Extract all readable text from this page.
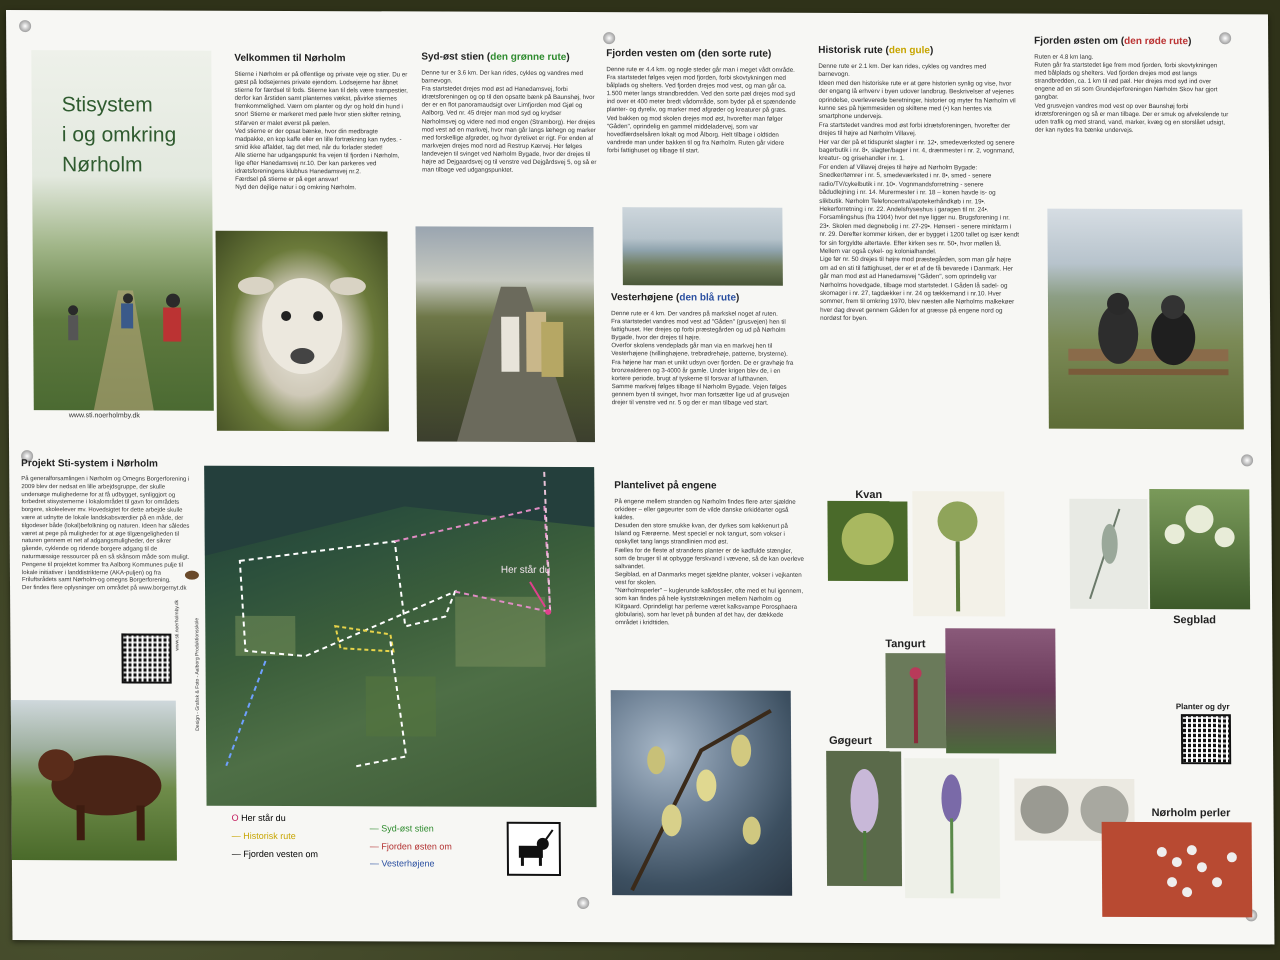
Stisystem
i og omkring
Nørholm
www.sti.noerholmby.dk
Velkommen til Nørholm
Stierne i Nørholm er på offentlige og private veje og stier. Du er gæst på lodsejernes private ejendom. Lodsejerne har åbnet stierne for færdsel til fods. Stierne kan til dels være trampestier, derfor kan årstiden samt planternes vækst, påvirke stiernes fremkommelighed. Værn om planter og dyr og hold din hund i snor! Stierne er markeret med pæle hvor stien skifter retning, stifarven er malet øverst på pælen.
Ved stierne er der opsat bænke, hvor din medbragte madpakke, en kop kaffe eller en lille fortrækning kan nydes. - smid ikke affaldet, tag det med, når du forlader stedet!
Alle stierne har udgangspunkt fra vejen til fjorden i Nørholm, lige efter Hanedamsvej nr.10. Der kan parkeres ved idrætsforeningens klubhus Hanedamsvej nr.2.
Færdsel på stierne er på eget ansvar!
Nyd den dejlige natur i og omkring Nørholm.
Syd-øst stien (den grønne rute)
Denne tur er 3.6 km. Der kan rides, cykles og vandres med barnevogn.
Fra startstedet drejes mod øst ad Hanedamsvej, forbi idrætsforeningen og op til den opsatte bænk på Baunshøj, hvor der er en flot panoramaudsigt over Limfjorden mod Gjøl og Aalborg. Ved nr. 45 drejer man mod syd og krydser Nørholmsvej og videre ned mod engen (Stramborg). Her drejes mod vest ad en markvej, hvor man går langs læhegn og marker med forskellige afgrøder, og hvor dyrelivet er rigt. For enden af markvejen drejes mod nord ad Restrup Kærvej. Her følges landevejen til svinget ved Nørholm Bygade, hvor der drejes til højre ad Dejgaardsvej og til venstre ved Dejgårdsvej 5, og så er man tilbage ved udgangspunktet.
Fjorden vesten om (den sorte rute)
Denne rute er 4.4 km. og nogle steder går man i meget vådt område. Fra startstedet følges vejen mod fjorden, forbi skovtykningen med bålplads og shelters. Ved fjorden drejes mod vest, og man går ca. 1.500 meter langs strandbredden. Ved den sorte pæl drejes mod syd ind over et 400 meter bredt vådområde, som byder på et spændende planter- og dyreliv, og marker med afgrøder og kreaturer på græs.
Ved bakken og mod skolen drejes mod øst, hvorefter man følger "Gåden", oprindelig en gammel middeladervej, som var hovedfærdselsåren lokalt og mod Ålborg. Helt tilbage i oldtiden vandrede man under bakken til og fra Nørholm. Ruten går videre forbi fattighuset og tilbage til start.
Historisk rute (den gule)
Denne rute er 2.1 km. Der kan rides, cykles og vandres med barnevogn.
Ideen med den historiske rute er at gøre historien synlig og vise, hvor der engang lå erhverv i byen udover landbrug. Beskrivelser af vejenes oprindelse, overleverede beretninger, historier og myter fra Nørholm vil kunne ses på hjemmesiden og skiltene med (•) kan hentes via smartphone undervejs.
Fra startstedet vandres mod øst forbi idrætsforeningen, hvorefter der drejes til højre ad Nørholm Villavej.
Her var der på et tidspunkt slagter i nr. 12•, smedeværksted og senere bagerbutik i nr. 8•, slagter/bager i nr. 4, drænmester i nr. 2, vognmand, kreatur- og grisehandler i nr. 1.
For enden af Villavej drejes til højre ad Nørholm Bygade: Snedker/tømrer i nr. 5, smedeværksted i nr. 8•, smed - senere radio/TV/cykelbutik i nr. 10•. Vognmandsforretning - senere bådudlejning i nr. 14. Murermester i nr. 18 – konen havde is- og slikbutik. Nørholm Telefoncentral/apotekerhåndkøb i nr. 19•. Hekerforretning i nr. 22. Andelsfryseshus i garagen til nr. 24•. Forsamlingshus (fra 1904) hvor det nye ligger nu. Brugsforening i nr. 23•. Skolen med degnebolig i nr. 27-29•. Hønseri - senere minkfarm i nr. 29. Derefter kommer kirken, der er bygget i 1200 tallet og især kendt for sin forgyldte altertavle. Efter kirken ses nr. 50•, hvor møllen lå. Mellem var også cykel- og kolonialhandel.
Lige før nr. 50 drejes til højre mod præstegården, som man går højre om ad en sti til fattighuset, der er et af de få bevarede i Danmark. Her går man mod øst ad Hanedamsvej "Gåden", som oprindelig var Nørholms hovedgade, tilbage mod startstedet. I Gåden lå sadel- og skomager i nr. 27, tagdækker i nr. 24 og tækkemand i nr.10. Hver sommer, frem til omkring 1970, blev næsten alle Nørholms malkekøer hver dag drevet gennem Gåden for at græsse på engene nord og nordøst for byen.
Fjorden østen om (den røde rute)
Ruten er 4.8 km lang.
Ruten går fra startstedet lige frem mod fjorden, forbi skovtykningen med bålplads og shelters. Ved fjorden drejes mod øst langs strandbredden, ca. 1 km til rød pæl. Her drejes mod syd ind over engene ad en sti som Grundejerforeningen Nørholm Skov har gjort gangbar.
Ved grusvejen vandres mod vest op over Baunshøj forbi idrætsforeningen og så er man tilbage. Der er smuk og afvekslende tur uden trafik og med strand, vand, marker, kvæg og en storslået udsigt, der kan nydes fra bænke undervejs.
Vesterhøjene (den blå rute)
Denne rute er 4 km. Der vandres på markskel noget af ruten.
Fra startstedet vandres mod vest ad "Gåden" (grusvejen) hen til fattighuset. Her drejes op forbi præstegården og ud på Nørholm Bygade, hvor der drejes til højre.
Overfor skolens vendeplads går man via en markvej hen til Vesterhøjene (tvillinghøjene, trebrødrehøje, patterne, brysterne). Fra højene har man et unikt udsyn over fjorden. De er gravhøje fra bronzealderen og 3-4000 år gamle. Under krigen blev de, i en kortere periode, brugt af tyskerne til forsvar af lufthavnen.
Samme markvej følges tilbage til Nørholm Bygade. Vejen følges gennem byen til svinget, hvor man fortsætter lige ud af grusvejen drejer til venstre ved nr. 5 og der er man tilbage ved start.
Projekt Sti-system i Nørholm
På generalforsamlingen i Nørholm og Omegns Borgerforening i 2009 blev der nedsat en lille arbejdsgruppe, der skulle undersøge mulighederne for at få udbygget, synliggjort og forbedret stisystemerne i lokalområdet til gavn for områdets borgere, skoleelever mv. Hovedsigtet for dette arbejde skulle være at udnytte de lokale landskabsværdier på en måde, der tilgodeser både (lokal)befolkning og naturen. Ideen har således været at pege på muligheder for at øge tilgængeligheden til naturen gennem et net af adgangsmuligheder, der sikrer gående, cyklende og ridende borgere adgang til de naturmæssige ressourcer på en så skånsom måde som muligt.
Pengene til projektet kommer fra Aalborg Kommunes pulje til lokale initiativer i landdistrikterne (AKA-puljen) og fra Friluftsrådets samt Nørholm-og omegns Borgerforening.
Der findes flere oplysninger om området på www.borgernyt.dk
www.sti.noerholmby.dk	Design - Grafisk & Foto - Aalborg Produktionsskole
Her står du
O Her står du
— Historisk rute
— Fjorden vesten om
— Syd-øst stien
— Fjorden østen om
— Vesterhøjene
Plantelivet på engene
På engene mellem stranden og Nørholm findes flere arter sjældne orkideer – eller gøgeurter som de vilde danske orkidéarter også kaldes.
Desuden den store smukke kvan, der dyrkes som køkkenurt på Island og Færøerne. Mest speciel er nok tangurt, som vokser i opskyllet tang langs strandlinien mod øst.
Fælles for de fleste af strandens planter er de kødfulde stængler, som de bruger til at opbygge ferskvand i vævene, så de kan overleve saltvandet.
Segiblad, en af Danmarks meget sjældne planter, vokser i vejkanten vest for skolen.
"Nørholmsperler" – kuglerunde kalkfossiler, ofte med et hul igennem, som kan findes på hele kyststrækningen mellem Nørholm og Klitgaard. Oprindeligt har perlerne været kalksvampe Porosphaera globularis), som har levet på bunden af det hav, der dækkede området i kridttiden.
Kvan
Segblad
Tangurt
Gøgeurt
Nørholm perler
Planter og dyr
